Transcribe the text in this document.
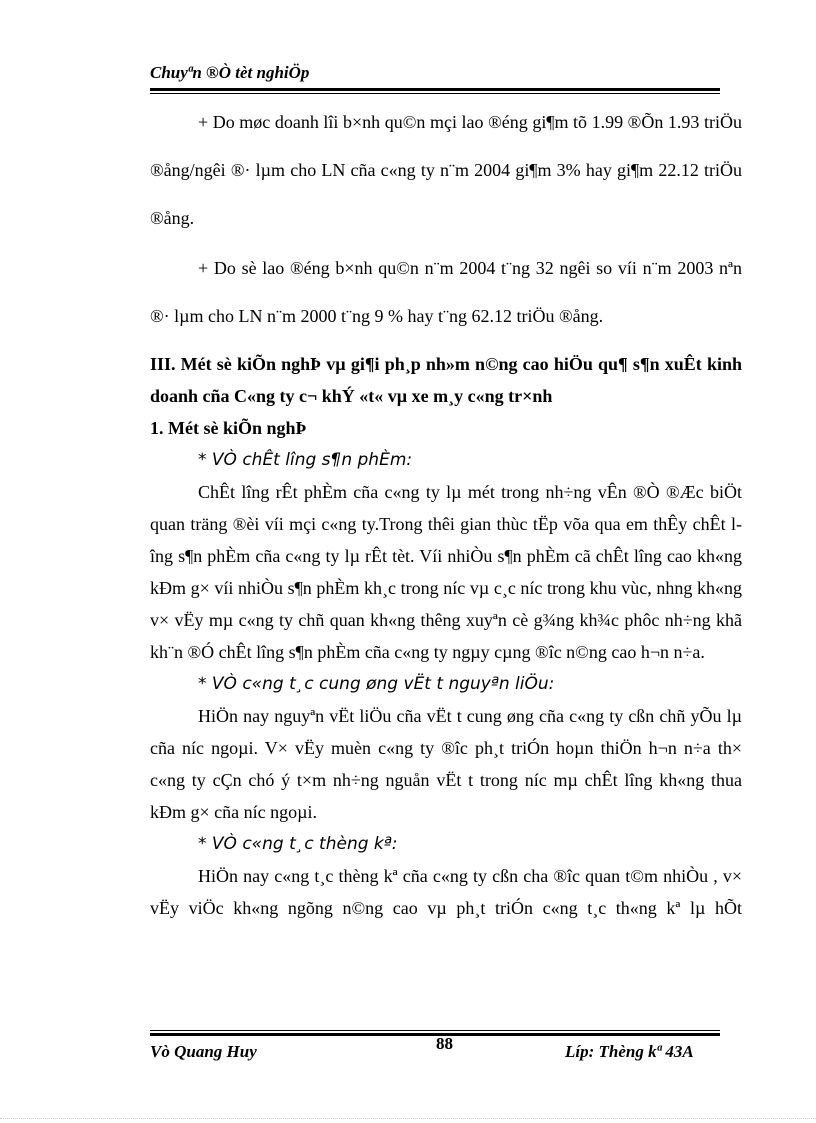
Chuyªn ®Ò tèt nghiÖp

+ Do møc doanh lîi b×nh qu©n mçi lao ®éng gi¶m tõ 1.99 ®Õn 1.93 triÖu ®ång/ngêi ®· lµm cho LN cña c«ng ty n¨m 2004 gi¶m 3% hay gi¶m 22.12 triÖu ®ång.

+ Do sè lao ®éng b×nh qu©n n¨m 2004 t¨ng 32 ngêi so víi n¨m 2003 nªn ®· lµm cho LN n¨m 2000 t¨ng 9 % hay t¨ng 62.12 triÖu ®ång.

III. Mét sè kiÕn nghÞ vµ gi¶i ph¸p nh»m n©ng cao hiÖu qu¶ s¶n xuÊt kinh doanh cña C«ng ty c¬ khÝ «t« vµ xe m¸y c«ng tr×nh

1. Mét sè kiÕn nghÞ

* VÒ chÊt lîng s¶n phÈm:

ChÊt lîng rÊt phÈm cña c«ng ty lµ mét trong nh÷ng vÊn ®Ò ®Æc biÖt quan träng ®èi víi mçi c«ng ty.Trong thêi gian thùc tËp võa qua em thÊy chÊt lîng s¶n phÈm cña c«ng ty lµ rÊt tèt. Víi nhiÒu s¶n phÈm cã chÊt lîng cao kh«ng kÐm g× víi nhiÒu s¶n phÈm kh¸c trong níc vµ c¸c níc trong khu vùc, nhng kh«ng v× vËy mµ c«ng ty chñ quan kh«ng thêng xuyªn cè g¾ng kh¾c phôc nh÷ng khã kh¨n ®Ó chÊt lîng s¶n phÈm cña c«ng ty ngµy cµng ®îc n©ng cao h¬n n÷a.

* VÒ c«ng t¸c cung øng vËt t nguyªn liÖu:

HiÖn nay nguyªn vËt liÖu cña vËt t cung øng cña c«ng ty cßn chñ yÕu lµ cña níc ngoµi. V× vËy muèn c«ng ty ®îc ph¸t triÓn hoµn thiÖn h¬n n÷a th× c«ng ty cÇn chó ý t×m nh÷ng nguån vËt t trong níc mµ chÊt lîng kh«ng thua kÐm g× cña níc ngoµi.

* VÒ c«ng t¸c thèng kª:

HiÖn nay c«ng t¸c thèng kª cña c«ng ty cßn cha ®îc quan t©m nhiÒu , v× vËy viÖc kh«ng ngõng n©ng cao vµ ph¸t triÓn c«ng t¸c th«ng kª lµ hÕt

88
Vò Quang Huy	Líp: Thèng kª 43A
